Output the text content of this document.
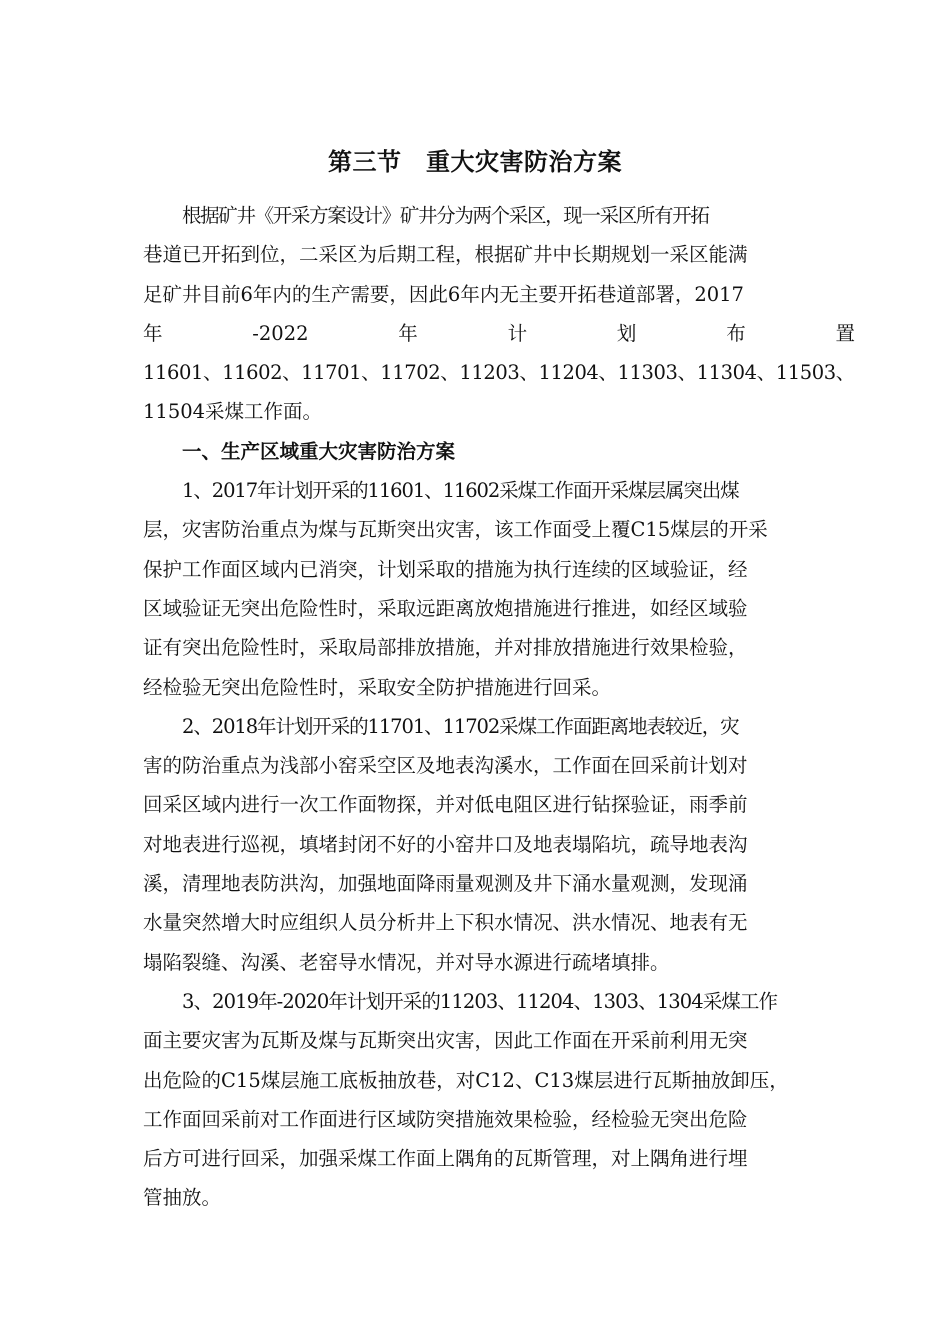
第三节　重大灾害防治方案
根据矿井《开采方案设计》矿井分为两个采区，现一采区所有开拓
巷道已开拓到位，二采区为后期工程，根据矿井中长期规划一采区能满
足矿井目前6年内的生产需要，因此6年内无主要开拓巷道部署，2017
年	-2022	年	计	划	布	置
11601、11602、11701、11702、11203、11204、11303、11304、11503、
11504采煤工作面。
一、生产区域重大灾害防治方案
1、2017年计划开采的11601、11602采煤工作面开采煤层属突出煤
层，灾害防治重点为煤与瓦斯突出灾害，该工作面受上覆C15煤层的开采
保护工作面区域内已消突，计划采取的措施为执行连续的区域验证，经
区域验证无突出危险性时，采取远距离放炮措施进行推进，如经区域验
证有突出危险性时，采取局部排放措施，并对排放措施进行效果检验，
经检验无突出危险性时，采取安全防护措施进行回采。
2、2018年计划开采的11701、11702采煤工作面距离地表较近，灾
害的防治重点为浅部小窑采空区及地表沟溪水，工作面在回采前计划对
回采区域内进行一次工作面物探，并对低电阻区进行钻探验证，雨季前
对地表进行巡视，填堵封闭不好的小窑井口及地表塌陷坑，疏导地表沟
溪，清理地表防洪沟，加强地面降雨量观测及井下涌水量观测，发现涌
水量突然增大时应组织人员分析井上下积水情况、洪水情况、地表有无
塌陷裂缝、沟溪、老窑导水情况，并对导水源进行疏堵填排。
3、2019年-2020年计划开采的11203、11204、1303、1304采煤工作
面主要灾害为瓦斯及煤与瓦斯突出灾害，因此工作面在开采前利用无突
出危险的C15煤层施工底板抽放巷，对C12、C13煤层进行瓦斯抽放卸压，
工作面回采前对工作面进行区域防突措施效果检验，经检验无突出危险
后方可进行回采，加强采煤工作面上隅角的瓦斯管理，对上隅角进行埋
管抽放。
